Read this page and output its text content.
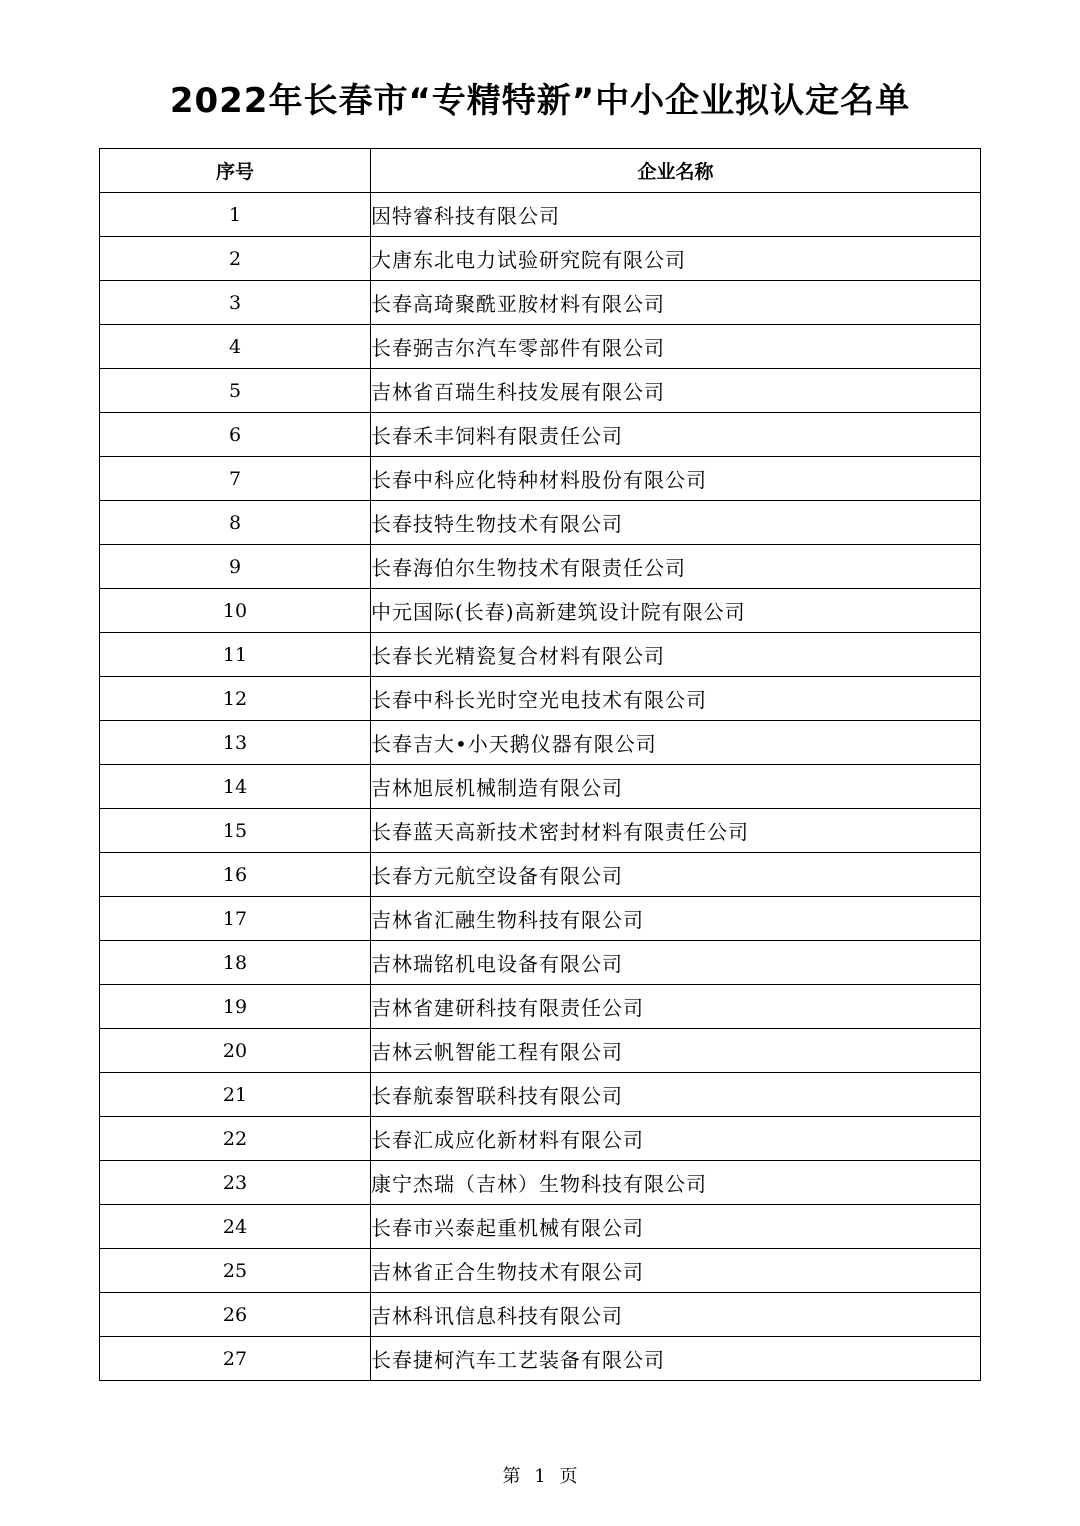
2022年长春市“专精特新”中小企业拟认定名单
序号	企业名称
1	因特睿科技有限公司
2	大唐东北电力试验研究院有限公司
3	长春高琦聚酰亚胺材料有限公司
4	长春弼吉尔汽车零部件有限公司
5	吉林省百瑞生科技发展有限公司
6	长春禾丰饲料有限责任公司
7	长春中科应化特种材料股份有限公司
8	长春技特生物技术有限公司
9	长春海伯尔生物技术有限责任公司
10	中元国际(长春)高新建筑设计院有限公司
11	长春长光精瓷复合材料有限公司
12	长春中科长光时空光电技术有限公司
13	长春吉大•小天鹅仪器有限公司
14	吉林旭辰机械制造有限公司
15	长春蓝天高新技术密封材料有限责任公司
16	长春方元航空设备有限公司
17	吉林省汇融生物科技有限公司
18	吉林瑞铭机电设备有限公司
19	吉林省建研科技有限责任公司
20	吉林云帆智能工程有限公司
21	长春航泰智联科技有限公司
22	长春汇成应化新材料有限公司
23	康宁杰瑞（吉林）生物科技有限公司
24	长春市兴泰起重机械有限公司
25	吉林省正合生物技术有限公司
26	吉林科讯信息科技有限公司
27	长春捷柯汽车工艺装备有限公司
第 1 页
